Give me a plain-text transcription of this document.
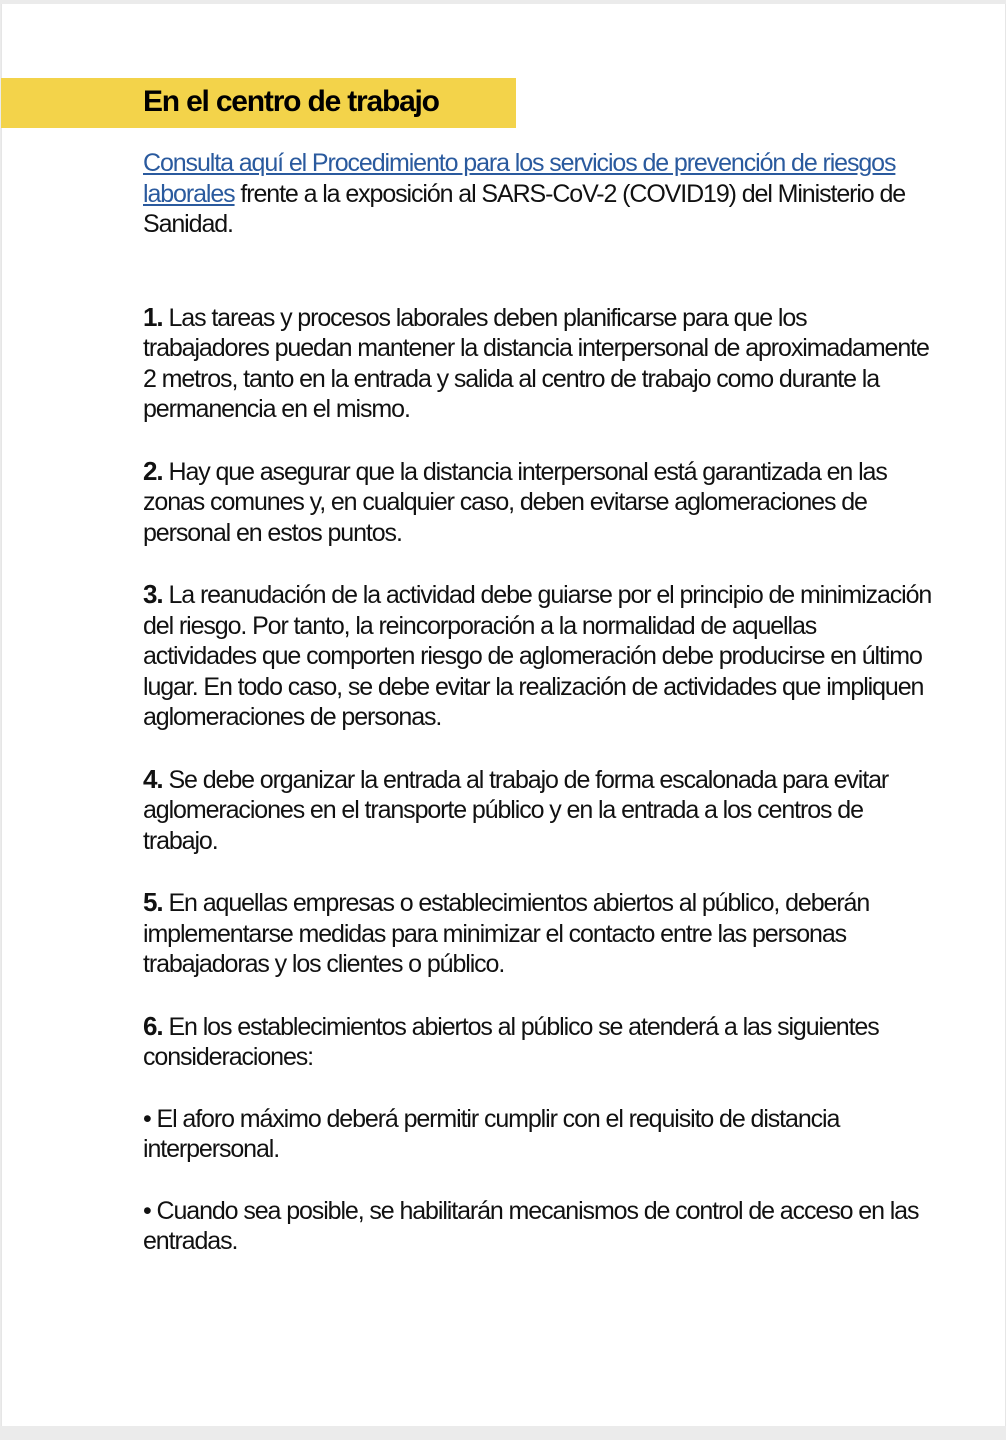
En el centro de trabajo

Consulta aquí el Procedimiento para los servicios de prevención de riesgos laborales frente a la exposición al SARS-CoV-2 (COVID19) del Ministerio de Sanidad.

1. Las tareas y procesos laborales deben planificarse para que los trabajadores puedan mantener la distancia interpersonal de aproximadamente 2 metros, tanto en la entrada y salida al centro de trabajo como durante la permanencia en el mismo.

2. Hay que asegurar que la distancia interpersonal está garantizada en las zonas comunes y, en cualquier caso, deben evitarse aglomeraciones de personal en estos puntos.

3. La reanudación de la actividad debe guiarse por el principio de minimización del riesgo. Por tanto, la reincorporación a la normalidad de aquellas actividades que comporten riesgo de aglomeración debe producirse en último lugar. En todo caso, se debe evitar la realización de actividades que impliquen aglomeraciones de personas.

4. Se debe organizar la entrada al trabajo de forma escalonada para evitar aglomeraciones en el transporte público y en la entrada a los centros de trabajo.

5. En aquellas empresas o establecimientos abiertos al público, deberán implementarse medidas para minimizar el contacto entre las personas trabajadoras y los clientes o público.

6. En los establecimientos abiertos al público se atenderá a las siguientes consideraciones:

• El aforo máximo deberá permitir cumplir con el requisito de distancia interpersonal.

• Cuando sea posible, se habilitarán mecanismos de control de acceso en las entradas.
